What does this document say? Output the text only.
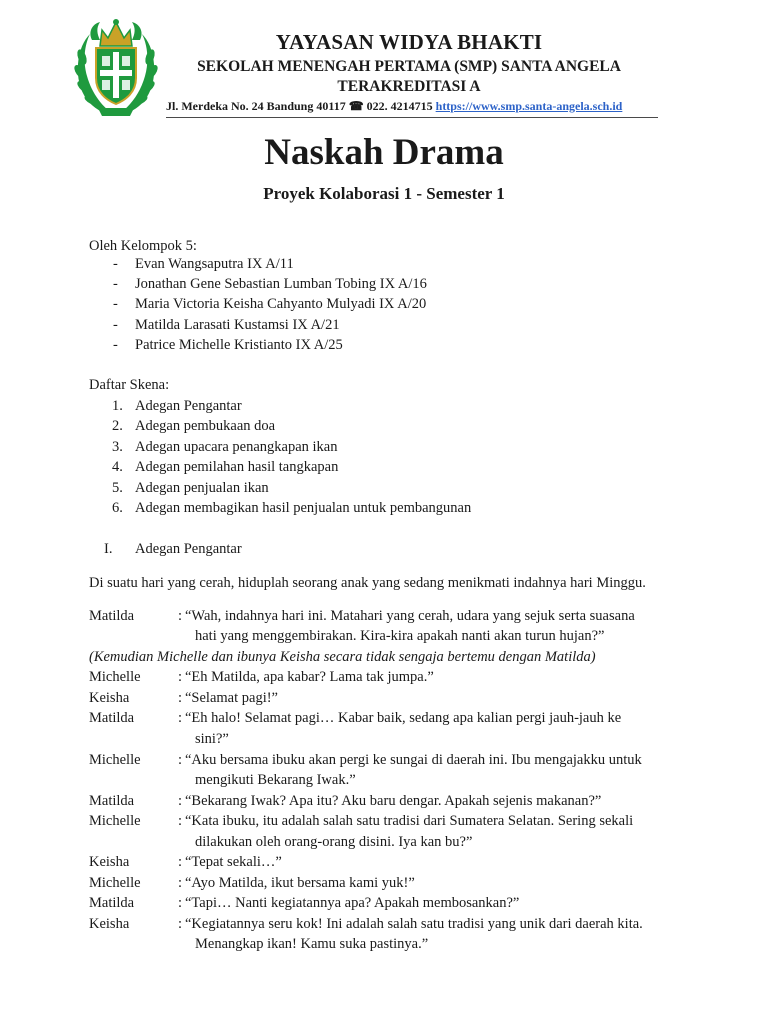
YAYASAN WIDYA BHAKTI
SEKOLAH MENENGAH PERTAMA (SMP) SANTA ANGELA
TERAKREDITASI A
Jl. Merdeka No. 24 Bandung 40117 ☎ 022. 4214715 https://www.smp.santa-angela.sch.id
Naskah Drama
Proyek Kolaborasi 1 - Semester 1
Oleh Kelompok 5:
- Evan Wangsaputra IX A/11
- Jonathan Gene Sebastian Lumban Tobing IX A/16
- Maria Victoria Keisha Cahyanto Mulyadi IX A/20
- Matilda Larasati Kustamsi IX A/21
- Patrice Michelle Kristianto IX A/25
Daftar Skena:
1. Adegan Pengantar
2. Adegan pembukaan doa
3. Adegan upacara penangkapan ikan
4. Adegan pemilahan hasil tangkapan
5. Adegan penjualan ikan
6. Adegan membagikan hasil penjualan untuk pembangunan
I. Adegan Pengantar
Di suatu hari yang cerah, hiduplah seorang anak yang sedang menikmati indahnya hari Minggu.
Matilda	: “Wah, indahnya hari ini. Matahari yang cerah, udara yang sejuk serta suasana
hati yang menggembirakan. Kira-kira apakah nanti akan turun hujan?”
(Kemudian Michelle dan ibunya Keisha secara tidak sengaja bertemu dengan Matilda)
Michelle	: “Eh Matilda, apa kabar? Lama tak jumpa.”
Keisha	: “Selamat pagi!”
Matilda	: “Eh halo! Selamat pagi… Kabar baik, sedang apa kalian pergi jauh-jauh ke
sini?”
Michelle	: “Aku bersama ibuku akan pergi ke sungai di daerah ini. Ibu mengajakku untuk
mengikuti Bekarang Iwak.”
Matilda	: “Bekarang Iwak? Apa itu? Aku baru dengar. Apakah sejenis makanan?”
Michelle	: “Kata ibuku, itu adalah salah satu tradisi dari Sumatera Selatan. Sering sekali
dilakukan oleh orang-orang disini. Iya kan bu?”
Keisha	: “Tepat sekali…”
Michelle	: “Ayo Matilda, ikut bersama kami yuk!”
Matilda	: “Tapi… Nanti kegiatannya apa? Apakah membosankan?”
Keisha	: “Kegiatannya seru kok! Ini adalah salah satu tradisi yang unik dari daerah kita.
Menangkap ikan! Kamu suka pastinya.”
